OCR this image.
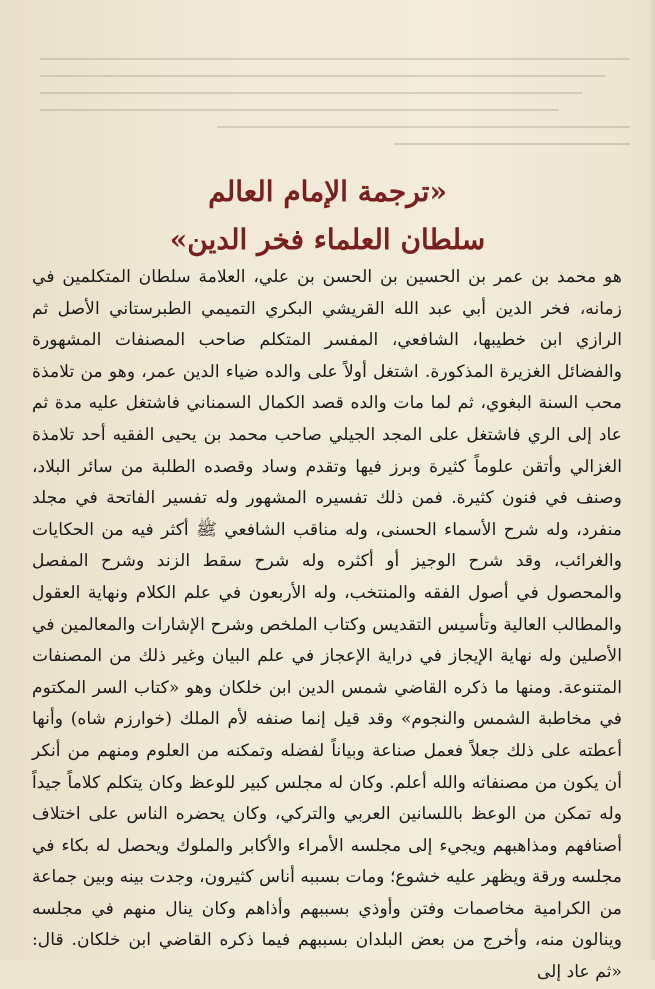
«ترجمة الإمام العالم
سلطان العلماء فخر الدين»

هو محمد بن عمر بن الحسين بن الحسن بن علي، العلامة سلطان المتكلمين في زمانه، فخر الدين أبي عبد الله القريشي البكري التميمي الطبرستاني الأصل ثم الرازي ابن خطيبها، الشافعي، المفسر المتكلم صاحب المصنفات المشهورة والفضائل الغزيرة المذكورة. اشتغل أولاً على والده ضياء الدين عمر، وهو من تلامذة محب السنة البغوي، ثم لما مات والده قصد الكمال السمناني فاشتغل عليه مدة ثم عاد إلى الري فاشتغل على المجد الجيلي صاحب محمد بن يحيى الفقيه أحد تلامذة الغزالي وأتقن علوماً كثيرة وبرز فيها وتقدم وساد وقصده الطلبة من سائر البلاد، وصنف في فنون كثيرة. فمن ذلك تفسيره المشهور وله تفسير الفاتحة في مجلد منفرد، وله شرح الأسماء الحسنى، وله مناقب الشافعي ﷺ أكثر فيه من الحكايات والغرائب، وقد شرح الوجيز أو أكثره وله شرح سقط الزند وشرح المفصل والمحصول في أصول الفقه والمنتخب، وله الأربعون في علم الكلام ونهاية العقول والمطالب العالية وتأسيس التقديس وكتاب الملخص وشرح الإشارات والمعالمين في الأصلين وله نهاية الإيجاز في دراية الإعجاز في علم البيان وغير ذلك من المصنفات المتنوعة. ومنها ما ذكره القاضي شمس الدين ابن خلكان وهو «كتاب السر المكتوم في مخاطبة الشمس والنجوم» وقد قيل إنما صنفه لأم الملك (خوارزم شاه) وأنها أعطته على ذلك جعلاً فعمل صناعة وبياناً لفضله وتمكنه من العلوم ومنهم من أنكر أن يكون من مصنفاته والله أعلم. وكان له مجلس كبير للوعظ وكان يتكلم كلاماً جيداً وله تمكن من الوعظ باللسانين العربي والتركي، وكان يحضره الناس على اختلاف أصنافهم ومذاهبهم ويجيء إلى مجلسه الأمراء والأكابر والملوك ويحصل له بكاء في مجلسه ورقة ويظهر عليه خشوع؛ ومات بسببه أناس كثيرون، وجدت بينه وبين جماعة من الكرامية مخاصمات وفتن وأوذي بسببهم وأذاهم وكان ينال منهم في مجلسه وينالون منه، وأخرج من بعض البلدان بسببهم فيما ذكره القاضي ابن خلكان. قال: «ثم عاد إلى
